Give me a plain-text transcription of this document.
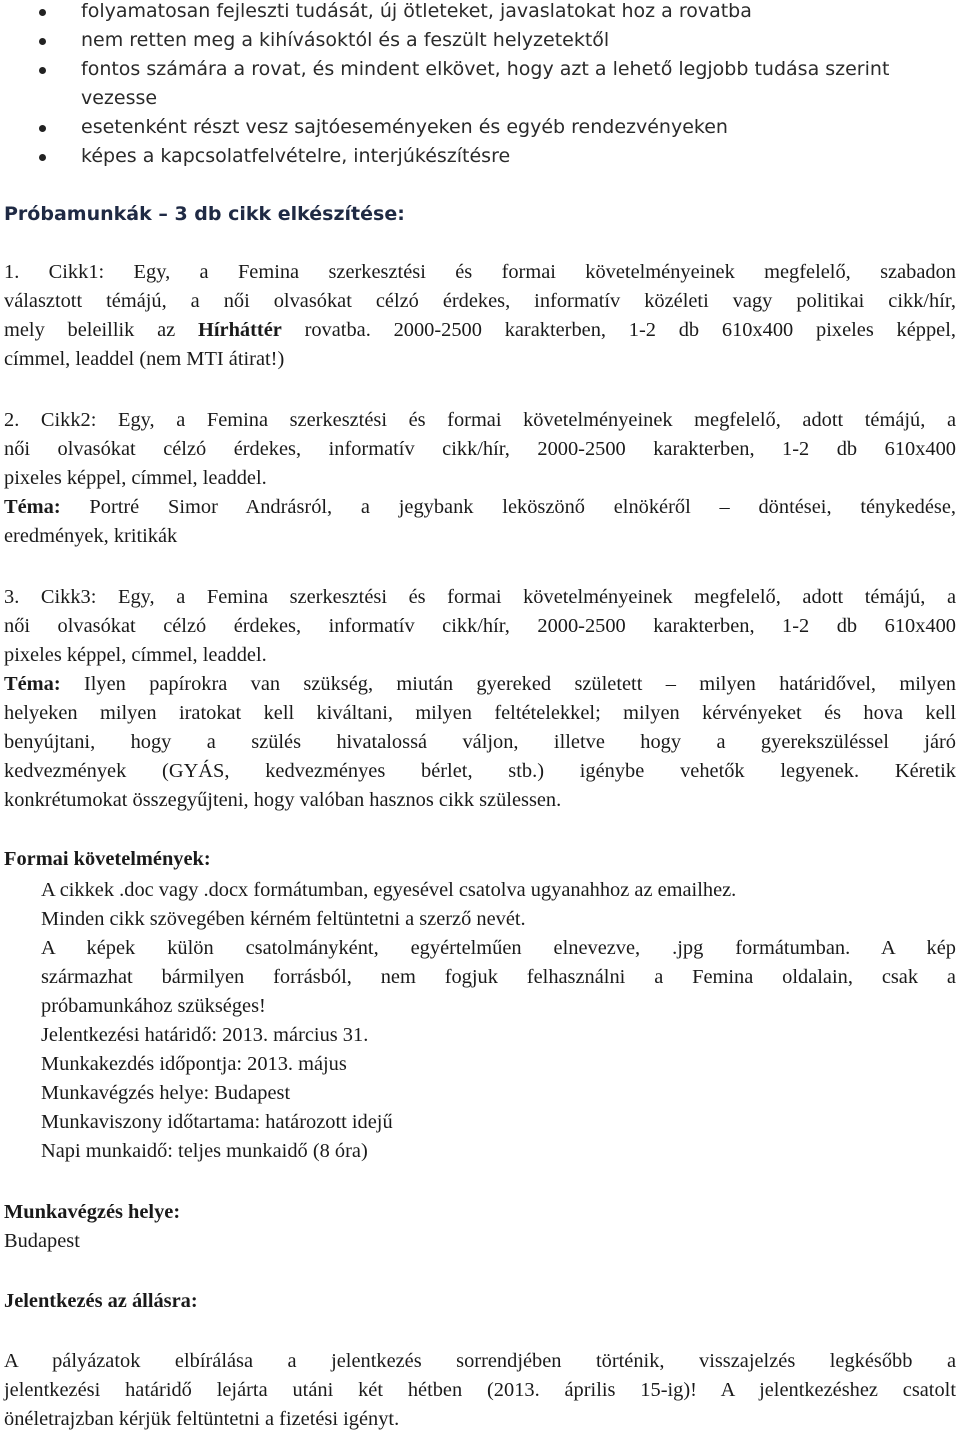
folyamatosan fejleszti tudását, új ötleteket, javaslatokat hoz a rovatba
nem retten meg a kihívásoktól és a feszült helyzetektől
fontos számára a rovat, és mindent elkövet, hogy azt a lehető legjobb tudása szerint
vezesse
esetenként részt vesz sajtóeseményeken és egyéb rendezvényeken
képes a kapcsolatfelvételre, interjúkészítésre
Próbamunkák – 3 db cikk elkészítése:
1. Cikk1: Egy, a Femina szerkesztési és formai követelményeinek megfelelő, szabadon
választott témájú, a női olvasókat célzó érdekes, informatív közéleti vagy politikai cikk/hír,
mely beleillik az Hírháttér rovatba. 2000-2500 karakterben, 1-2 db 610x400 pixeles képpel,
címmel, leaddel (nem MTI átirat!)
2. Cikk2: Egy, a Femina szerkesztési és formai követelményeinek megfelelő, adott témájú, a
női olvasókat célzó érdekes, informatív cikk/hír, 2000-2500 karakterben, 1-2 db 610x400
pixeles képpel, címmel, leaddel.
Téma: Portré Simor Andrásról, a jegybank leköszönő elnökéről – döntései, ténykedése,
eredmények, kritikák
3. Cikk3: Egy, a Femina szerkesztési és formai követelményeinek megfelelő, adott témájú, a
női olvasókat célzó érdekes, informatív cikk/hír, 2000-2500 karakterben, 1-2 db 610x400
pixeles képpel, címmel, leaddel.
Téma: Ilyen papírokra van szükség, miután gyereked született – milyen határidővel, milyen
helyeken milyen iratokat kell kiváltani, milyen feltételekkel; milyen kérvényeket és hova kell
benyújtani, hogy a szülés hivatalossá váljon, illetve hogy a gyerekszüléssel járó
kedvezmények (GYÁS, kedvezményes bérlet, stb.) igénybe vehetők legyenek. Kéretik
konkrétumokat összegyűjteni, hogy valóban hasznos cikk szülessen.
Formai követelmények:
A cikkek .doc vagy .docx formátumban, egyesével csatolva ugyanahhoz az emailhez.
Minden cikk szövegében kérném feltüntetni a szerző nevét.
A képek külön csatolmányként, egyértelműen elnevezve, .jpg formátumban. A kép
származhat bármilyen forrásból, nem fogjuk felhasználni a Femina oldalain, csak a
próbamunkához szükséges!
Jelentkezési határidő: 2013. március 31.
Munkakezdés időpontja: 2013. május
Munkavégzés helye: Budapest
Munkaviszony időtartama: határozott idejű
Napi munkaidő: teljes munkaidő (8 óra)
Munkavégzés helye:
Budapest
Jelentkezés az állásra:
A pályázatok elbírálása a jelentkezés sorrendjében történik, visszajelzés legkésőbb a
jelentkezési határidő lejárta utáni két hétben (2013. április 15-ig)! A jelentkezéshez csatolt
önéletrajzban kérjük feltüntetni a fizetési igényt.
